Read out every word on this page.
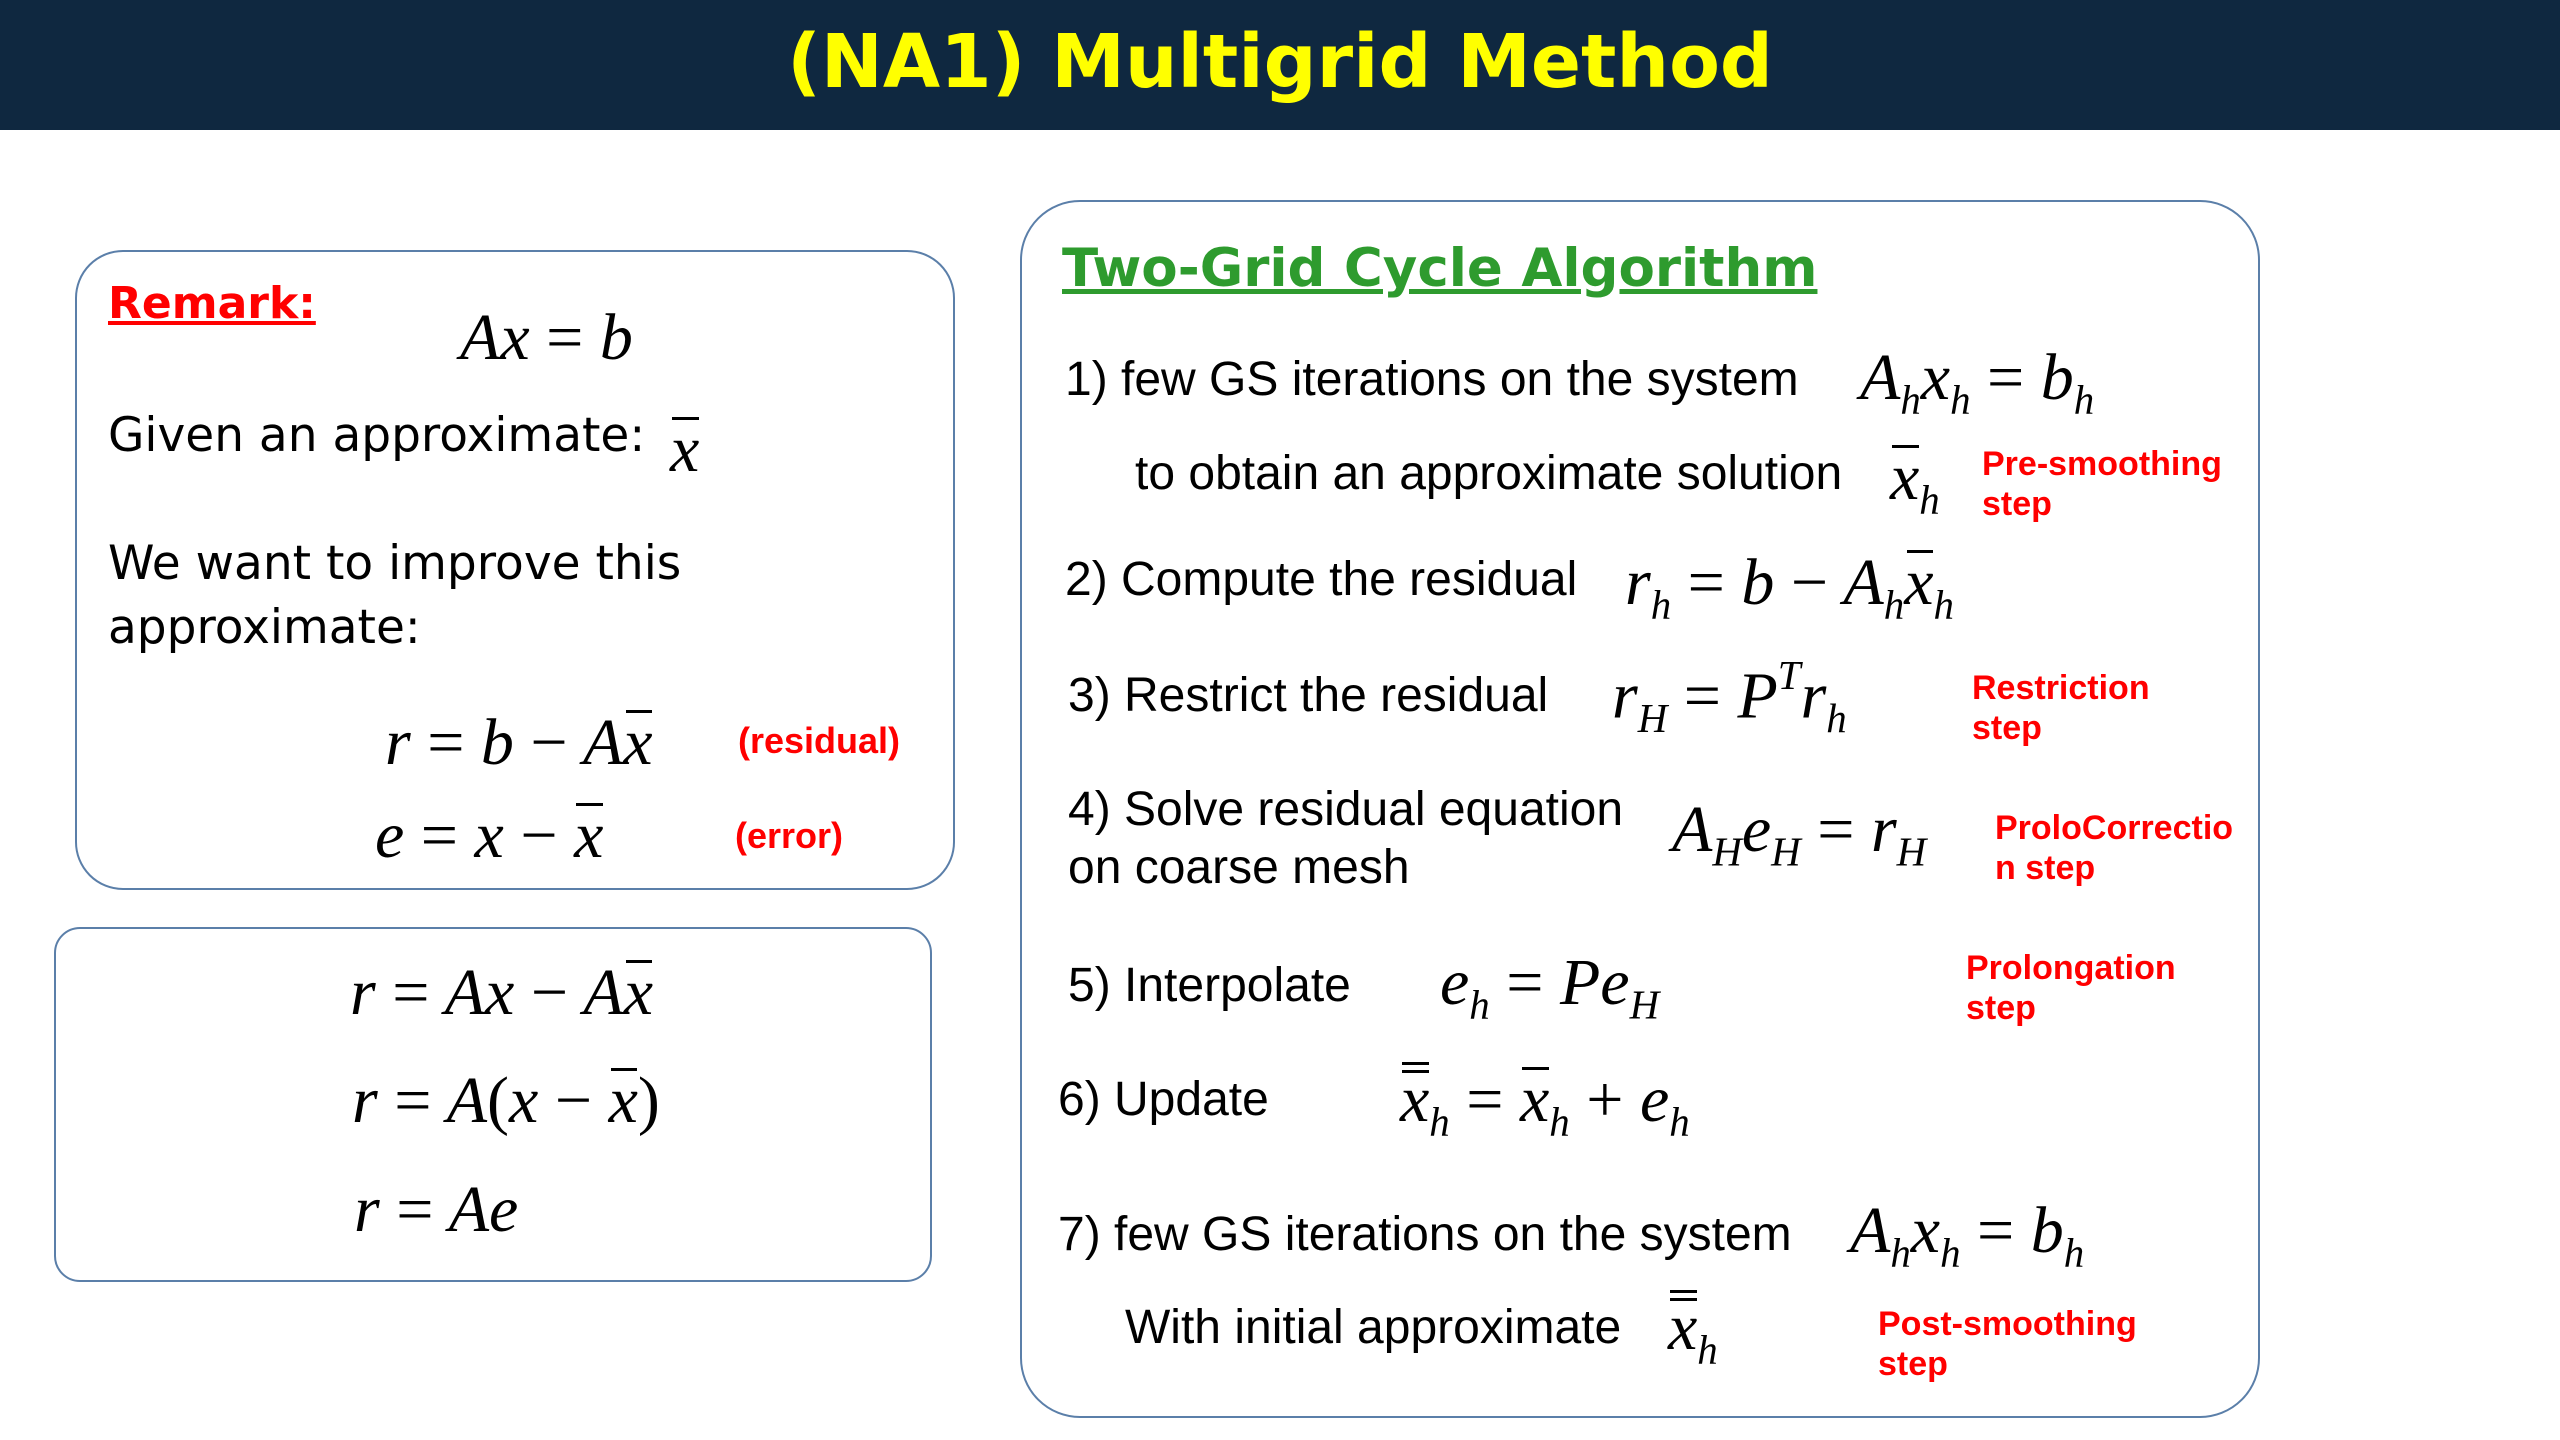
(NA1) Multigrid Method
Remark: Ax = b
Given an approximate: x
We want to improve this
approximate:
r = b − Ax (residual)
e = x − x	(error)
r = Ax − Ax
r = A(x − x)
r = Ae
Two-Grid Cycle Algorithm
1) few GS iterations on the system $A_hx_h = b_h$
to obtain an approximate solution $x_h$
Pre-smoothing
step
2) Compute the residual $r_h = b - A_hx_h$
3) Restrict the residual $r_H = P^Tr_h$
Restriction
step
4) Solve residual equation
on coarse mesh
$A_He_H = r_H$
ProloCorrectio
n step
5) Interpolate $e_h = Pe_H$
Prolongation
step
6) Update $x_h = x_h + e_h$
7) few GS iterations on the system $A_hx_h = b_h$
With initial approximate $x_h$
Post-smoothing
step
